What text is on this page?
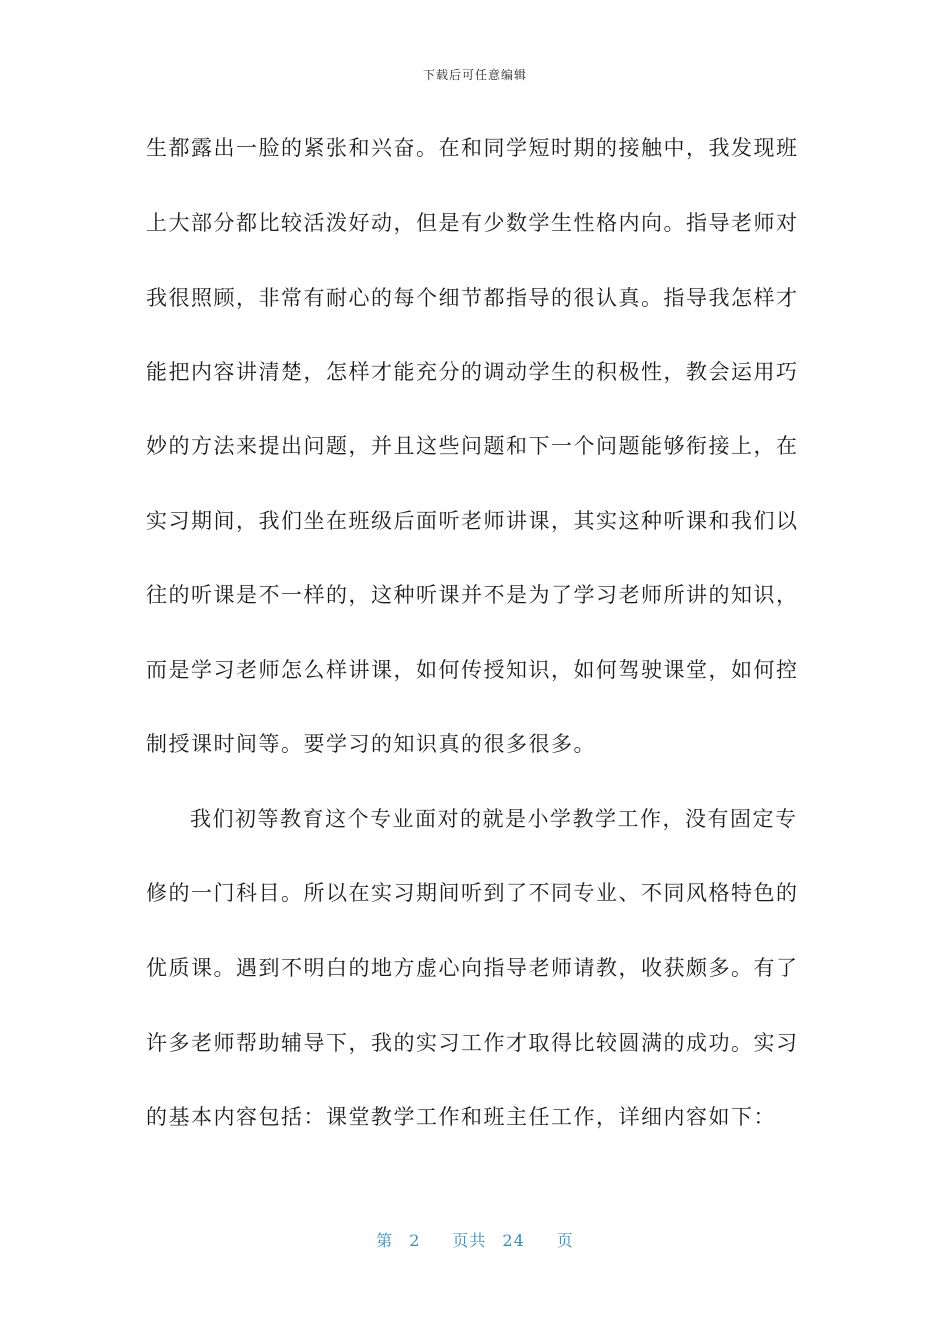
下载后可任意编辑
生都露出一脸的紧张和兴奋。在和同学短时期的接触中，我发现班
上大部分都比较活泼好动，但是有少数学生性格内向。指导老师对
我很照顾，非常有耐心的每个细节都指导的很认真。指导我怎样才
能把内容讲清楚，怎样才能充分的调动学生的积极性，教会运用巧
妙的方法来提出问题，并且这些问题和下一个问题能够衔接上，在
实习期间，我们坐在班级后面听老师讲课，其实这种听课和我们以
往的听课是不一样的，这种听课并不是为了学习老师所讲的知识，
而是学习老师怎么样讲课，如何传授知识，如何驾驶课堂，如何控
制授课时间等。要学习的知识真的很多很多。
我们初等教育这个专业面对的就是小学教学工作，没有固定专
修的一门科目。所以在实习期间听到了不同专业、不同风格特色的
优质课。遇到不明白的地方虚心向指导老师请教，收获颇多。有了
许多老师帮助辅导下，我的实习工作才取得比较圆满的成功。实习
的基本内容包括：课堂教学工作和班主任工作，详细内容如下：
第 2 页共 24 页
